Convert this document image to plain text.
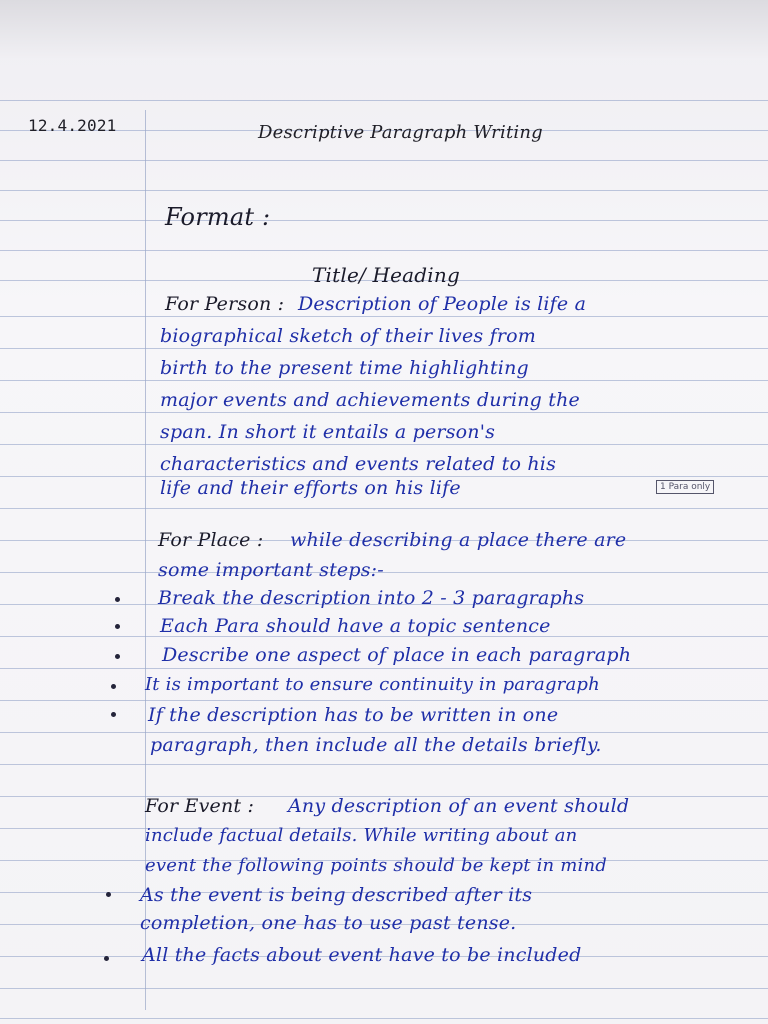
12.4.2021	Descriptive Paragraph Writing
Format :
Title/ Heading
For Person : Description of People is life a
biographical sketch of their lives from
birth to the present time highlighting
major events and achievements during the
span. In short it entails a person's
characteristics and events related to his
life and their efforts on his life	1 Para only
For Place : while describing a place there are
some important steps:-
Break the description into 2 - 3 paragraphs
Each Para should have a topic sentence
Describe one aspect of place in each paragraph
It is important to ensure continuity in paragraph
If the description has to be written in one
paragraph, then include all the details briefly.
For Event : Any description of an event should
include factual details. While writing about an
event the following points should be kept in mind
As the event is being described after its
completion, one has to use past tense.
All the facts about event have to be included
